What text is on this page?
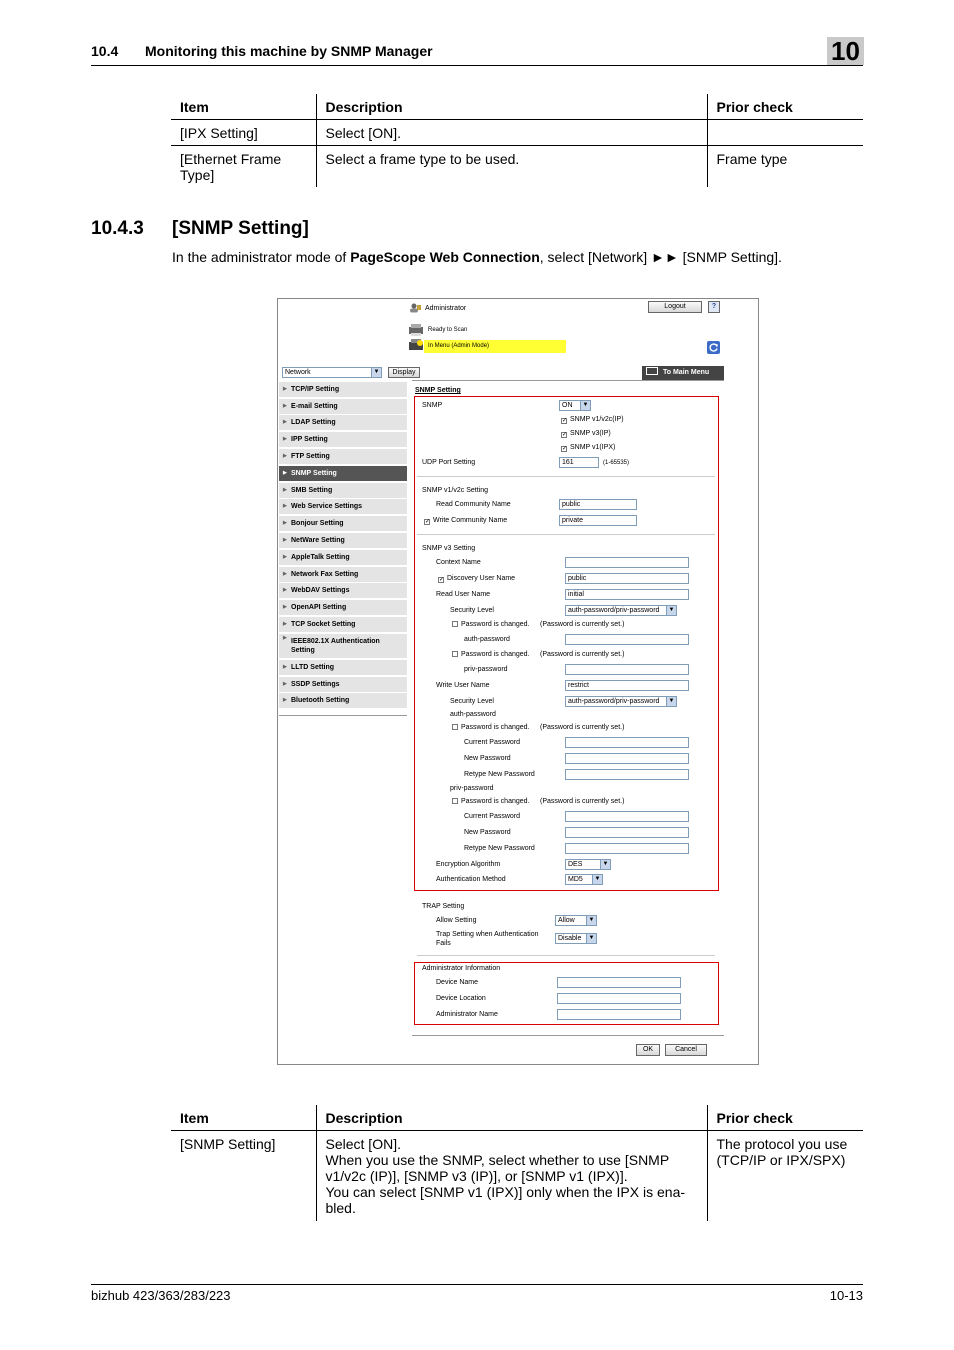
10.4 Monitoring this machine by SNMP Manager	10
Item	Description	Prior check
[IPX Setting]	Select [ON].	
[Ethernet Frame
Type]	Select a frame type to be used.	Frame type
10.4.3 [SNMP Setting]
In the administrator mode of PageScope Web Connection, select [Network] ►► [SNMP Setting].
Administrator	Logout	?
Ready to Scan
In Menu (Admin Mode)
Network	▼	Display	To Main Menu
▶ TCP/IP Setting
▶ E-mail Setting
▶ LDAP Setting
▶ IPP Setting
▶ FTP Setting
▶ SNMP Setting
▶ SMB Setting
▶ Web Service Settings
▶ Bonjour Setting
▶ NetWare Setting
▶ AppleTalk Setting
▶ Network Fax Setting
▶ WebDAV Settings
▶ OpenAPI Setting
▶ TCP Socket Setting
▶ IEEE802.1X Authentication
Setting
▶ LLTD Setting
▶ SSDP Settings
▶ Bluetooth Setting
SNMP Setting
SNMP	ON	▼
✓ SNMP v1/v2c(IP)
✓ SNMP v3(IP)
✓ SNMP v1(IPX)
UDP Port Setting	161	(1-65535)
SNMP v1/v2c Setting
Read Community Name	public
✓ Write Community Name	private
SNMP v3 Setting
Context Name
✓ Discovery User Name	public
Read User Name	initial
Security Level	auth-password/priv-password	▼
Password is changed. (Password is currently set.)
auth-password
Password is changed. (Password is currently set.)
priv-password
Write User Name	restrict
Security Level	auth-password/priv-password	▼
auth-password
Password is changed. (Password is currently set.)
Current Password
New Password
Retype New Password
priv-password
Password is changed. (Password is currently set.)
Current Password
New Password
Retype New Password
Encryption Algorithm	DES	▼
Authentication Method	MD5	▼
TRAP Setting
Allow Setting	Allow	▼
Trap Setting when Authentication
Fails
Disable	▼
Administrator Information
Device Name
Device Location
Administrator Name
OK	Cancel
Item	Description	Prior check
[SNMP Setting]	Select [ON].
When you use the SNMP, select whether to use [SNMP v1/v2c (IP)], [SNMP v3 (IP)], or [SNMP v1 (IPX)].
You can select [SNMP v1 (IPX)] only when the IPX is ena-bled.	The protocol you use (TCP/IP or IPX/SPX)
bizhub 423/363/283/223	10-13
